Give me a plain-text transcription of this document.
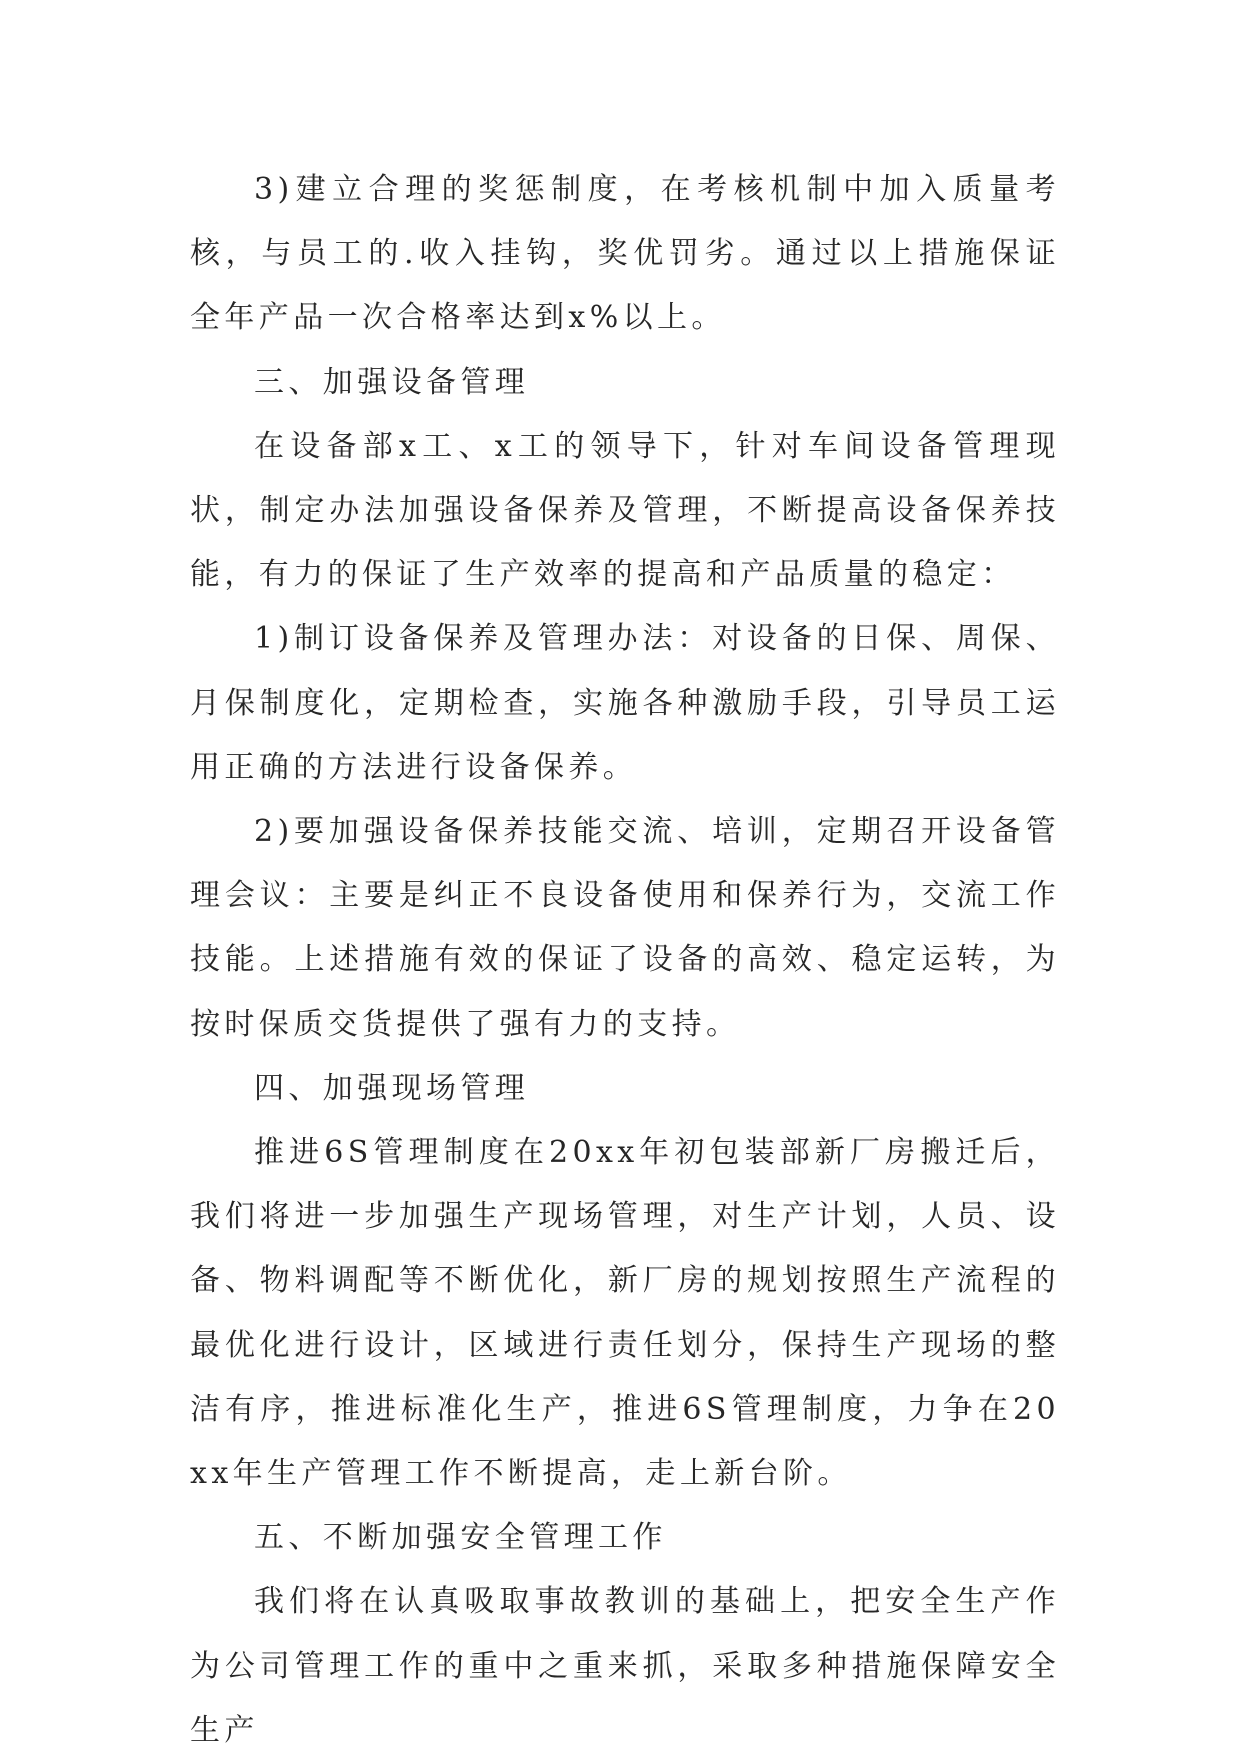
3)建立合理的奖惩制度，在考核机制中加入质量考核，与员工的.收入挂钩，奖优罚劣。通过以上措施保证全年产品一次合格率达到x%以上。

三、加强设备管理

在设备部x工、x工的领导下，针对车间设备管理现状，制定办法加强设备保养及管理，不断提高设备保养技能，有力的保证了生产效率的提高和产品质量的稳定：

1)制订设备保养及管理办法：对设备的日保、周保、月保制度化，定期检查，实施各种激励手段，引导员工运用正确的方法进行设备保养。

2)要加强设备保养技能交流、培训，定期召开设备管理会议：主要是纠正不良设备使用和保养行为，交流工作技能。上述措施有效的保证了设备的高效、稳定运转，为按时保质交货提供了强有力的支持。

四、加强现场管理

推进6S管理制度在20xx年初包装部新厂房搬迁后，我们将进一步加强生产现场管理，对生产计划，人员、设备、物料调配等不断优化，新厂房的规划按照生产流程的最优化进行设计，区域进行责任划分，保持生产现场的整洁有序，推进标准化生产，推进6S管理制度，力争在20xx年生产管理工作不断提高，走上新台阶。

五、不断加强安全管理工作

我们将在认真吸取事故教训的基础上，把安全生产作为公司管理工作的重中之重来抓，采取多种措施保障安全生产
